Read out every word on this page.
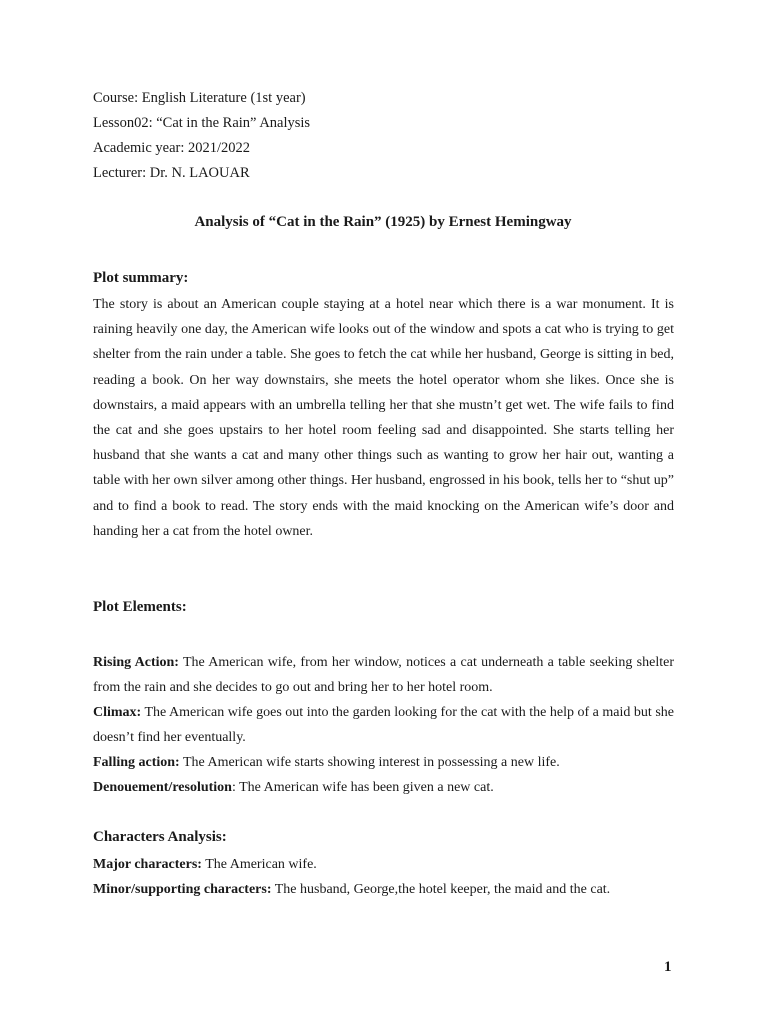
Course: English Literature (1st year)

Lesson02: “Cat in the Rain” Analysis

Academic year: 2021/2022

Lecturer: Dr. N. LAOUAR

Analysis of “Cat in the Rain” (1925) by Ernest Hemingway
Plot summary:

The story is about an American couple staying at a hotel near which there is a war monument. It is raining heavily one day, the American wife looks out of the window and spots a cat who is trying to get shelter from the rain under a table. She goes to fetch the cat while her husband, George is sitting in bed, reading a book. On her way downstairs, she meets the hotel operator whom she likes. Once she is downstairs, a maid appears with an umbrella telling her that she mustn’t get wet. The wife fails to find the cat and she goes upstairs to her hotel room feeling sad and disappointed. She starts telling her husband that she wants a cat and many other things such as wanting to grow her hair out, wanting a table with her own silver among other things. Her husband, engrossed in his book, tells her to “shut up” and to find a book to read. The story ends with the maid knocking on the American wife’s door and handing her a cat from the hotel owner.

Plot Elements:
Rising Action: The American wife, from her window, notices a cat underneath a table seeking shelter from the rain and she decides to go out and bring her to her hotel room.
Climax: The American wife goes out into the garden looking for the cat with the help of a maid but she doesn’t find her eventually.
Falling action: The American wife starts showing interest in possessing a new life.
Denouement/resolution: The American wife has been given a new cat.
Characters Analysis:
Major characters: The American wife.
Minor/supporting characters: The husband, George,the hotel keeper, the maid and the cat.
1
